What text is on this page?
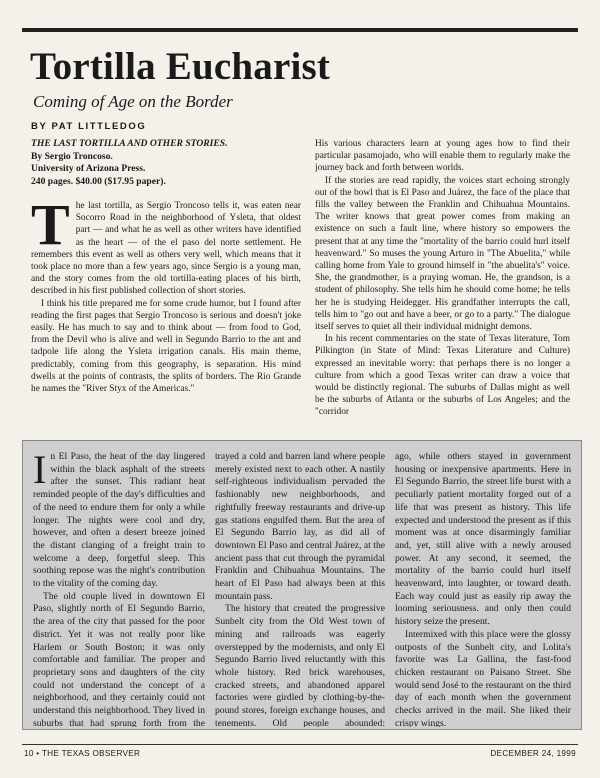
Tortilla Eucharist
Coming of Age on the Border
BY PAT LITTLEDOG
THE LAST TORTILLA AND OTHER STORIES.
By Sergio Troncoso.
University of Arizona Press.
240 pages. $40.00 ($17.95 paper).

The last tortilla, as Sergio Troncoso tells it, was eaten near Socorro Road in the neighborhood of Ysleta, that oldest part — and what he as well as other writers have identified as the heart — of the el paso del norte settlement. He remembers this event as well as others very well, which means that it took place no more than a few years ago, since Sergio is a young man, and the story comes from the old tortilla-eating places of his birth, described in his first published collection of short stories.

I think his title prepared me for some crude humor, but I found after reading the first pages that Sergio Troncoso is serious and doesn't joke easily. He has much to say and to think about — from food to God, from the Devil who is alive and well in Segundo Barrio to the ant and tadpole life along the Ysleta irrigation canals. His main theme, predictably, coming from this geography, is separation. His mind dwells at the points of contrasts, the splits of borders. The Rio Grande he names the "River Styx of the Americas."

His various characters learn at young ages how to find their particular pasamojado, who will enable them to regularly make the journey back and forth between worlds.

If the stories are read rapidly, the voices start echoing strongly out of the bowl that is El Paso and Juárez, the face of the place that fills the valley between the Franklin and Chihuahua Mountains. The writer knows that great power comes from making an existence on such a fault line, where history so empowers the present that at any time the "mortality of the barrio could hurl itself heavenward." So muses the young Arturo in "The Abuelita," while calling home from Yale to ground himself in "the abuelita's" voice. She, the grandmother, is a praying woman. He, the grandson, is a student of philosophy. She tells him he should come home; he tells her he is studying Heidegger. His grandfather interrupts the call, tells him to "go out and have a beer, or go to a party." The dialogue itself serves to quiet all their individual midnight demons.

In his recent commentaries on the state of Texas literature, Tom Pilkington (in State of Mind: Texas Literature and Culture) expressed an inevitable worry: that perhaps there is no longer a culture from which a good Texas writer can draw a voice that would be distinctly regional. The suburbs of Dallas might as well be the suburbs of Atlanta or the suburbs of Los Angeles; and the "corridor

In El Paso, the heat of the day lingered within the black asphalt of the streets after the sunset. This radiant heat reminded people of the day's difficulties and of the need to endure them for only a while longer. The nights were cool and dry, however, and often a desert breeze joined the distant clanging of a freight train to welcome a deep, forgetful sleep. This soothing repose was the night's contribution to the vitality of the coming day.

The old couple lived in downtown El Paso, slightly north of El Segundo Barrio, the area of the city that passed for the poor district. Yet it was not really poor like Harlem or South Boston; it was only comfortable and familiar. The proper and proprietary sons and daughters of the city could not understand the concept of a neighborhood, and they certainly could not understand this neighborhood. They lived in suburbs that had sprung forth from the

trayed a cold and barren land where people merely existed next to each other. A nastily self-righteous individualism pervaded the fashionably new neighborhoods, and rightfully freeway restaurants and drive-up gas stations engulfed them. But the area of El Segundo Barrio lay, as did all of downtown El Paso and central Juárez, at the ancient pass that cut through the pyramidal Franklin and Chihuahua Mountains. The heart of El Paso had always been at this mountain pass.

The history that created the progressive Sunbelt city from the Old West town of mining and railroads was eagerly overstepped by the modernists, and only El Segundo Barrio lived reluctantly with this whole history. Red brick warehouses, cracked streets, and abandoned apparel factories were girdled by clothing-by-the-pound stores, foreign exchange houses, and tenements. Old people abounded:

ago, while others stayed in government housing or inexpensive apartments. Here in El Segundo Barrio, the street life burst with a peculiarly patient mortality forged out of a life that was present as history. This life expected and understood the present as if this moment was at once disarmingly familiar and, yet, still alive with a newly aroused power. At any second, it seemed, the mortality of the barrio could hurl itself heavenward, into laughter, or toward death. Each way could just as easily rip away the looming seriousness. and only then could history seize the present.

Intermixed with this place were the glossy outposts of the Sunbelt city, and Lolita's favorite was La Gallina, the fast-food chicken restaurant on Paisano Street. She would send José to the restaurant on the third day of each month when the government checks arrived in the mail. She liked their crispy wings.

10 • THE TEXAS OBSERVER	DECEMBER 24, 1999
